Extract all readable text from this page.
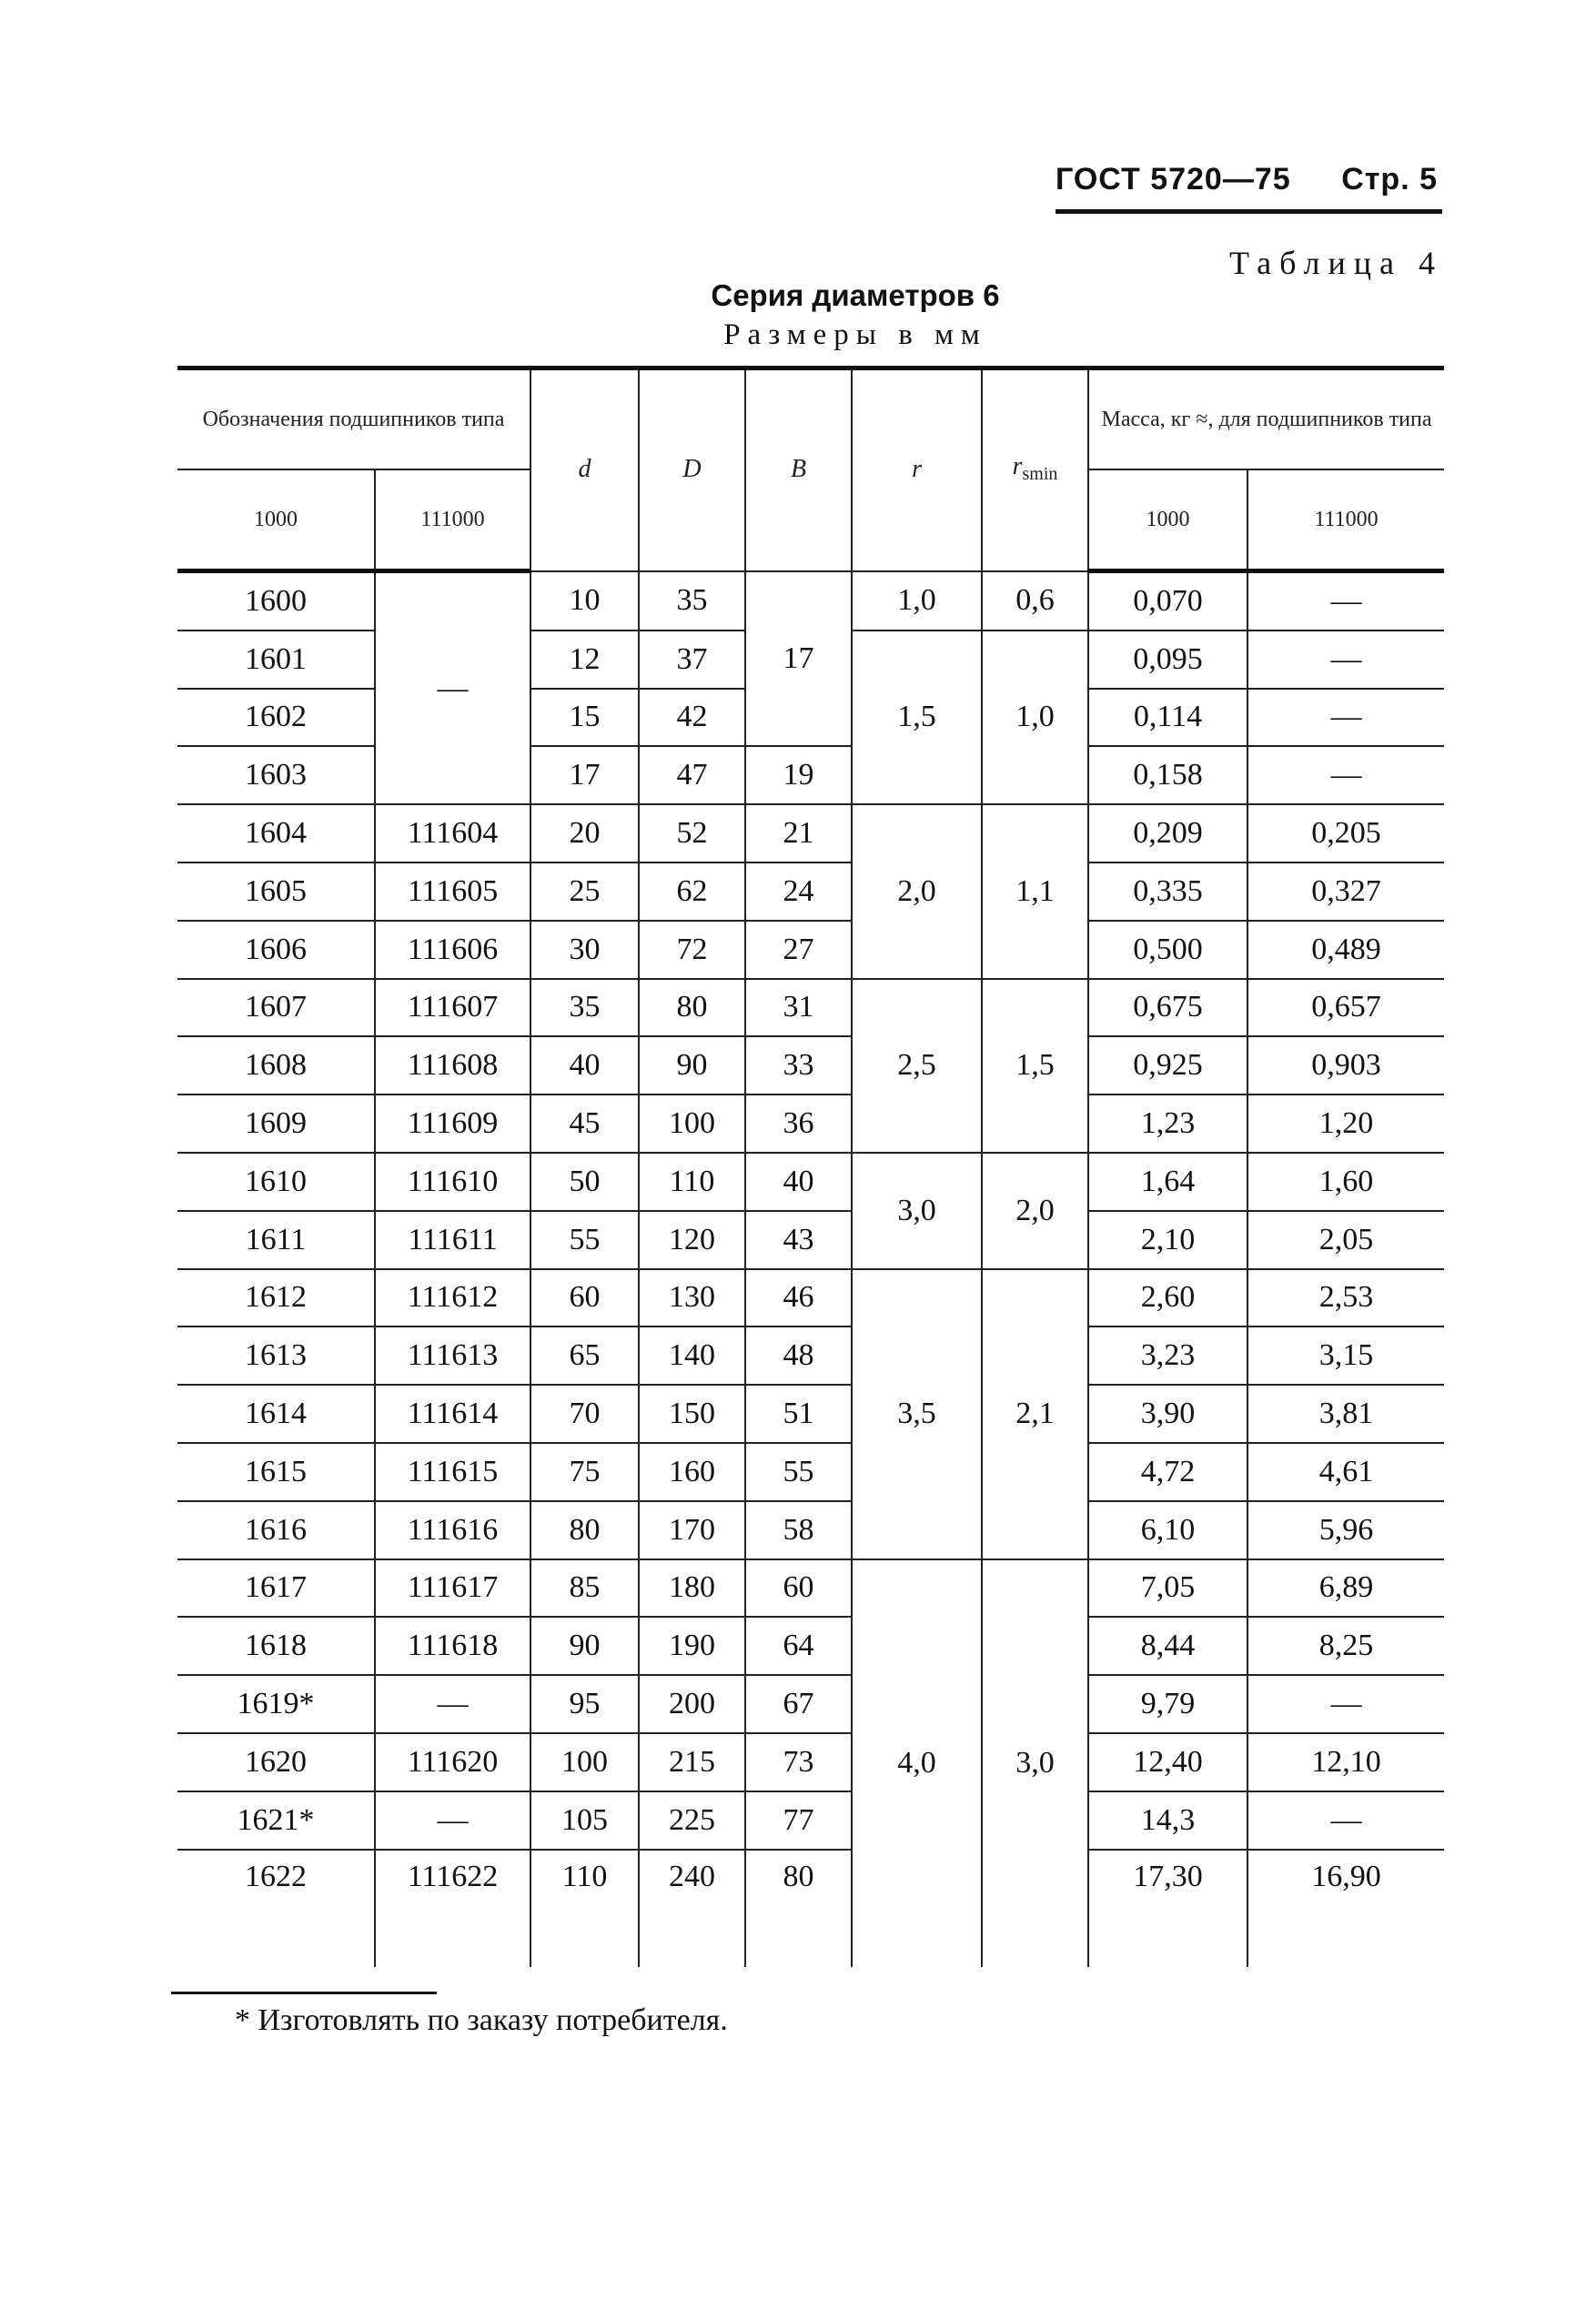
ГОСТ 5720—75 Стр. 5
Таблица 4
Серия диаметров 6
Размеры в мм
Обозначения подшипников типа		d	D	B	r	$r_{smin}$	Масса, кг ≈, для подшипников типа	
1000	111000						1000	111000
1600	—	10	35	17	1,0	0,6	0,070	—
1601		12	37		1,5	1,0	0,095	—
1602		15	42				0,114	—
1603		17	47	19			0,158	—
1604	111604	20	52	21	2,0	1,1	0,209	0,205
1605	111605	25	62	24			0,335	0,327
1606	111606	30	72	27			0,500	0,489
1607	111607	35	80	31	2,5	1,5	0,675	0,657
1608	111608	40	90	33			0,925	0,903
1609	111609	45	100	36			1,23	1,20
1610	111610	50	110	40	3,0	2,0	1,64	1,60
1611	111611	55	120	43			2,10	2,05
1612	111612	60	130	46	3,5	2,1	2,60	2,53
1613	111613	65	140	48			3,23	3,15
1614	111614	70	150	51			3,90	3,81
1615	111615	75	160	55			4,72	4,61
1616	111616	80	170	58			6,10	5,96
1617	111617	85	180	60	4,0	3,0	7,05	6,89
1618	111618	90	190	64			8,44	8,25
1619*	—	95	200	67			9,79	—
1620	111620	100	215	73			12,40	12,10
1621*	—	105	225	77			14,3	—
1622	111622	110	240	80			17,30	16,90
* Изготовлять по заказу потребителя.
